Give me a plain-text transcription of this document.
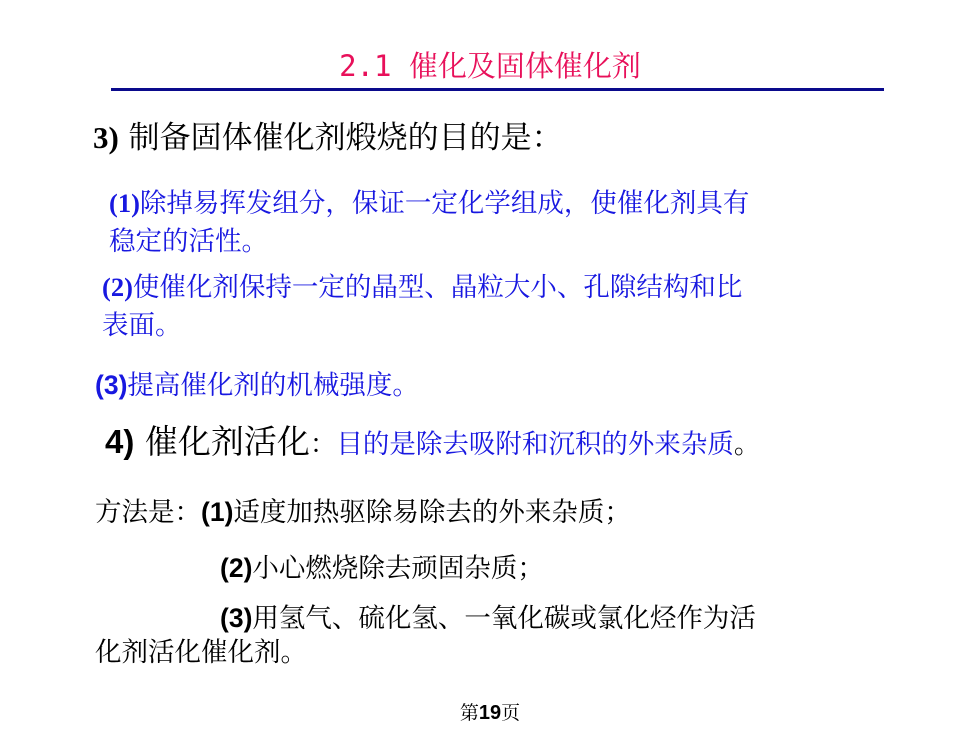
2.1 催化及固体催化剂
3) 制备固体催化剂煅烧的目的是：
(1)除掉易挥发组分，保证一定化学组成，使催化剂具有
稳定的活性。
(2)使催化剂保持一定的晶型、晶粒大小、孔隙结构和比
表面。
(3)提高催化剂的机械强度。
4) 催化剂活化：目的是除去吸附和沉积的外来杂质。
方法是：(1)适度加热驱除易除去的外来杂质；
(2)小心燃烧除去顽固杂质；
(3)用氢气、硫化氢、一氧化碳或氯化烃作为活
化剂活化催化剂。
第19页
